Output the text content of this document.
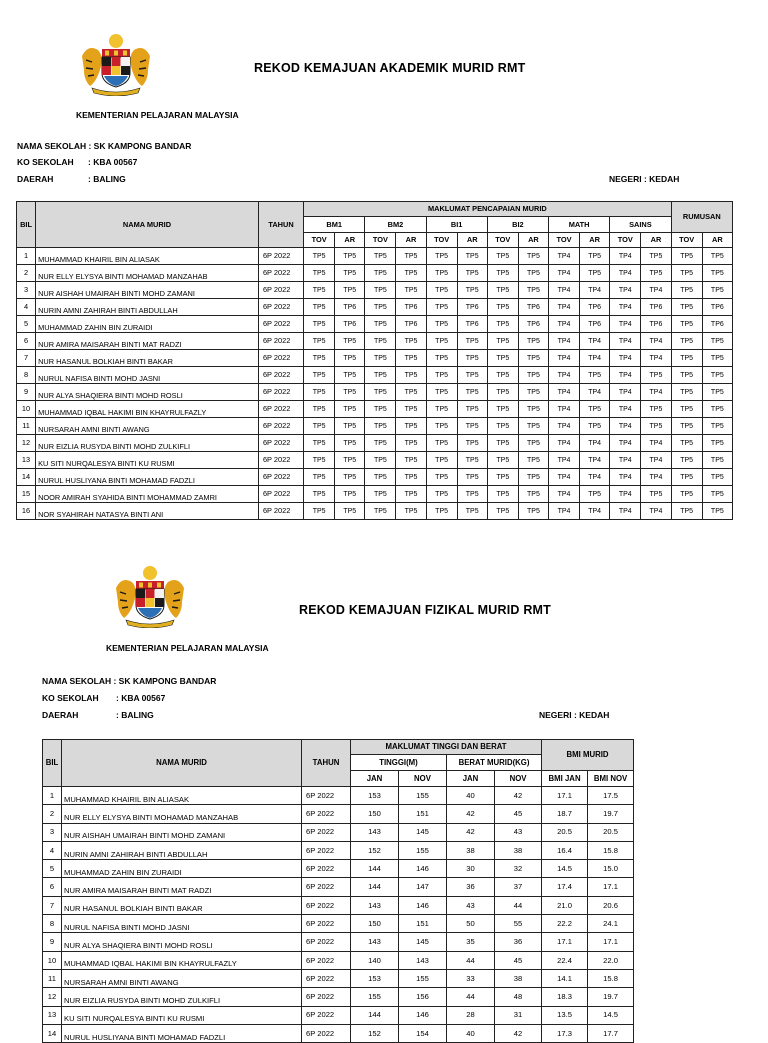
REKOD KEMAJUAN AKADEMIK MURID RMT
KEMENTERIAN PELAJARAN MALAYSIA
NAMA SEKOLAH : SK KAMPONG BANDAR
KO SEKOLAH : KBA 00567
DAERAH	: BALING	NEGERI : KEDAH
BIL	NAMA MURID	TAHUN	MAKLUMAT PENCAPAIAN MURID												RUMUSAN	
			BM1		BM2		BI1		BI2		MATH		SAINS			
			TOV	AR	TOV	AR	TOV	AR	TOV	AR	TOV	AR	TOV	AR	TOV	AR
1	MUHAMMAD KHAIRIL BIN ALIASAK	6P 2022	TP5	TP5	TP5	TP5	TP5	TP5	TP5	TP5	TP4	TP5	TP4	TP5	TP5	TP5
2	NUR ELLY ELYSYA BINTI MOHAMAD MANZAHAB	6P 2022	TP5	TP5	TP5	TP5	TP5	TP5	TP5	TP5	TP4	TP5	TP4	TP5	TP5	TP5
3	NUR AISHAH UMAIRAH BINTI MOHD ZAMANI	6P 2022	TP5	TP5	TP5	TP5	TP5	TP5	TP5	TP5	TP4	TP4	TP4	TP4	TP5	TP5
4	NURIN AMNI ZAHIRAH BINTI ABDULLAH	6P 2022	TP5	TP6	TP5	TP6	TP5	TP6	TP5	TP6	TP4	TP6	TP4	TP6	TP5	TP6
5	MUHAMMAD ZAHIN BIN ZURAIDI	6P 2022	TP5	TP6	TP5	TP6	TP5	TP6	TP5	TP6	TP4	TP6	TP4	TP6	TP5	TP6
6	NUR AMIRA MAISARAH BINTI MAT RADZI	6P 2022	TP5	TP5	TP5	TP5	TP5	TP5	TP5	TP5	TP4	TP4	TP4	TP4	TP5	TP5
7	NUR HASANUL BOLKIAH BINTI BAKAR	6P 2022	TP5	TP5	TP5	TP5	TP5	TP5	TP5	TP5	TP4	TP4	TP4	TP4	TP5	TP5
8	NURUL NAFISA BINTI MOHD JASNI	6P 2022	TP5	TP5	TP5	TP5	TP5	TP5	TP5	TP5	TP4	TP5	TP4	TP5	TP5	TP5
9	NUR ALYA SHAQIERA BINTI MOHD ROSLI	6P 2022	TP5	TP5	TP5	TP5	TP5	TP5	TP5	TP5	TP4	TP4	TP4	TP4	TP5	TP5
10	MUHAMMAD IQBAL HAKIMI BIN KHAYRULFAZLY	6P 2022	TP5	TP5	TP5	TP5	TP5	TP5	TP5	TP5	TP4	TP5	TP4	TP5	TP5	TP5
11	NURSARAH AMNI BINTI AWANG	6P 2022	TP5	TP5	TP5	TP5	TP5	TP5	TP5	TP5	TP4	TP5	TP4	TP5	TP5	TP5
12	NUR EIZLIA RUSYDA BINTI MOHD ZULKIFLI	6P 2022	TP5	TP5	TP5	TP5	TP5	TP5	TP5	TP5	TP4	TP4	TP4	TP4	TP5	TP5
13	KU SITI NURQALESYA BINTI KU RUSMI	6P 2022	TP5	TP5	TP5	TP5	TP5	TP5	TP5	TP5	TP4	TP4	TP4	TP4	TP5	TP5
14	NURUL HUSLIYANA BINTI MOHAMAD FADZLI	6P 2022	TP5	TP5	TP5	TP5	TP5	TP5	TP5	TP5	TP4	TP4	TP4	TP4	TP5	TP5
15	NOOR AMIRAH SYAHIDA BINTI MOHAMMAD ZAMRI	6P 2022	TP5	TP5	TP5	TP5	TP5	TP5	TP5	TP5	TP4	TP5	TP4	TP5	TP5	TP5
16	NOR SYAHIRAH NATASYA BINTI ANI	6P 2022	TP5	TP5	TP5	TP5	TP5	TP5	TP5	TP5	TP4	TP4	TP4	TP4	TP5	TP5
REKOD KEMAJUAN FIZIKAL MURID RMT
KEMENTERIAN PELAJARAN MALAYSIA
NAMA SEKOLAH : SK KAMPONG BANDAR
KO SEKOLAH : KBA 00567
DAERAH	: BALING	NEGERI : KEDAH
BIL	NAMA MURID	TAHUN	MAKLUMAT TINGGI DAN BERAT				BMI MURID	
			TINGGI(M)		BERAT MURID(KG)			
			JAN	NOV	JAN	NOV	BMI JAN	BMI NOV
1	MUHAMMAD KHAIRIL BIN ALIASAK	6P 2022	153	155	40	42	17.1	17.5
2	NUR ELLY ELYSYA BINTI MOHAMAD MANZAHAB	6P 2022	150	151	42	45	18.7	19.7
3	NUR AISHAH UMAIRAH BINTI MOHD ZAMANI	6P 2022	143	145	42	43	20.5	20.5
4	NURIN AMNI ZAHIRAH BINTI ABDULLAH	6P 2022	152	155	38	38	16.4	15.8
5	MUHAMMAD ZAHIN BIN ZURAIDI	6P 2022	144	146	30	32	14.5	15.0
6	NUR AMIRA MAISARAH BINTI MAT RADZI	6P 2022	144	147	36	37	17.4	17.1
7	NUR HASANUL BOLKIAH BINTI BAKAR	6P 2022	143	146	43	44	21.0	20.6
8	NURUL NAFISA BINTI MOHD JASNI	6P 2022	150	151	50	55	22.2	24.1
9	NUR ALYA SHAQIERA BINTI MOHD ROSLI	6P 2022	143	145	35	36	17.1	17.1
10	MUHAMMAD IQBAL HAKIMI BIN KHAYRULFAZLY	6P 2022	140	143	44	45	22.4	22.0
11	NURSARAH AMNI BINTI AWANG	6P 2022	153	155	33	38	14.1	15.8
12	NUR EIZLIA RUSYDA BINTI MOHD ZULKIFLI	6P 2022	155	156	44	48	18.3	19.7
13	KU SITI NURQALESYA BINTI KU RUSMI	6P 2022	144	146	28	31	13.5	14.5
14	NURUL HUSLIYANA BINTI MOHAMAD FADZLI	6P 2022	152	154	40	42	17.3	17.7
